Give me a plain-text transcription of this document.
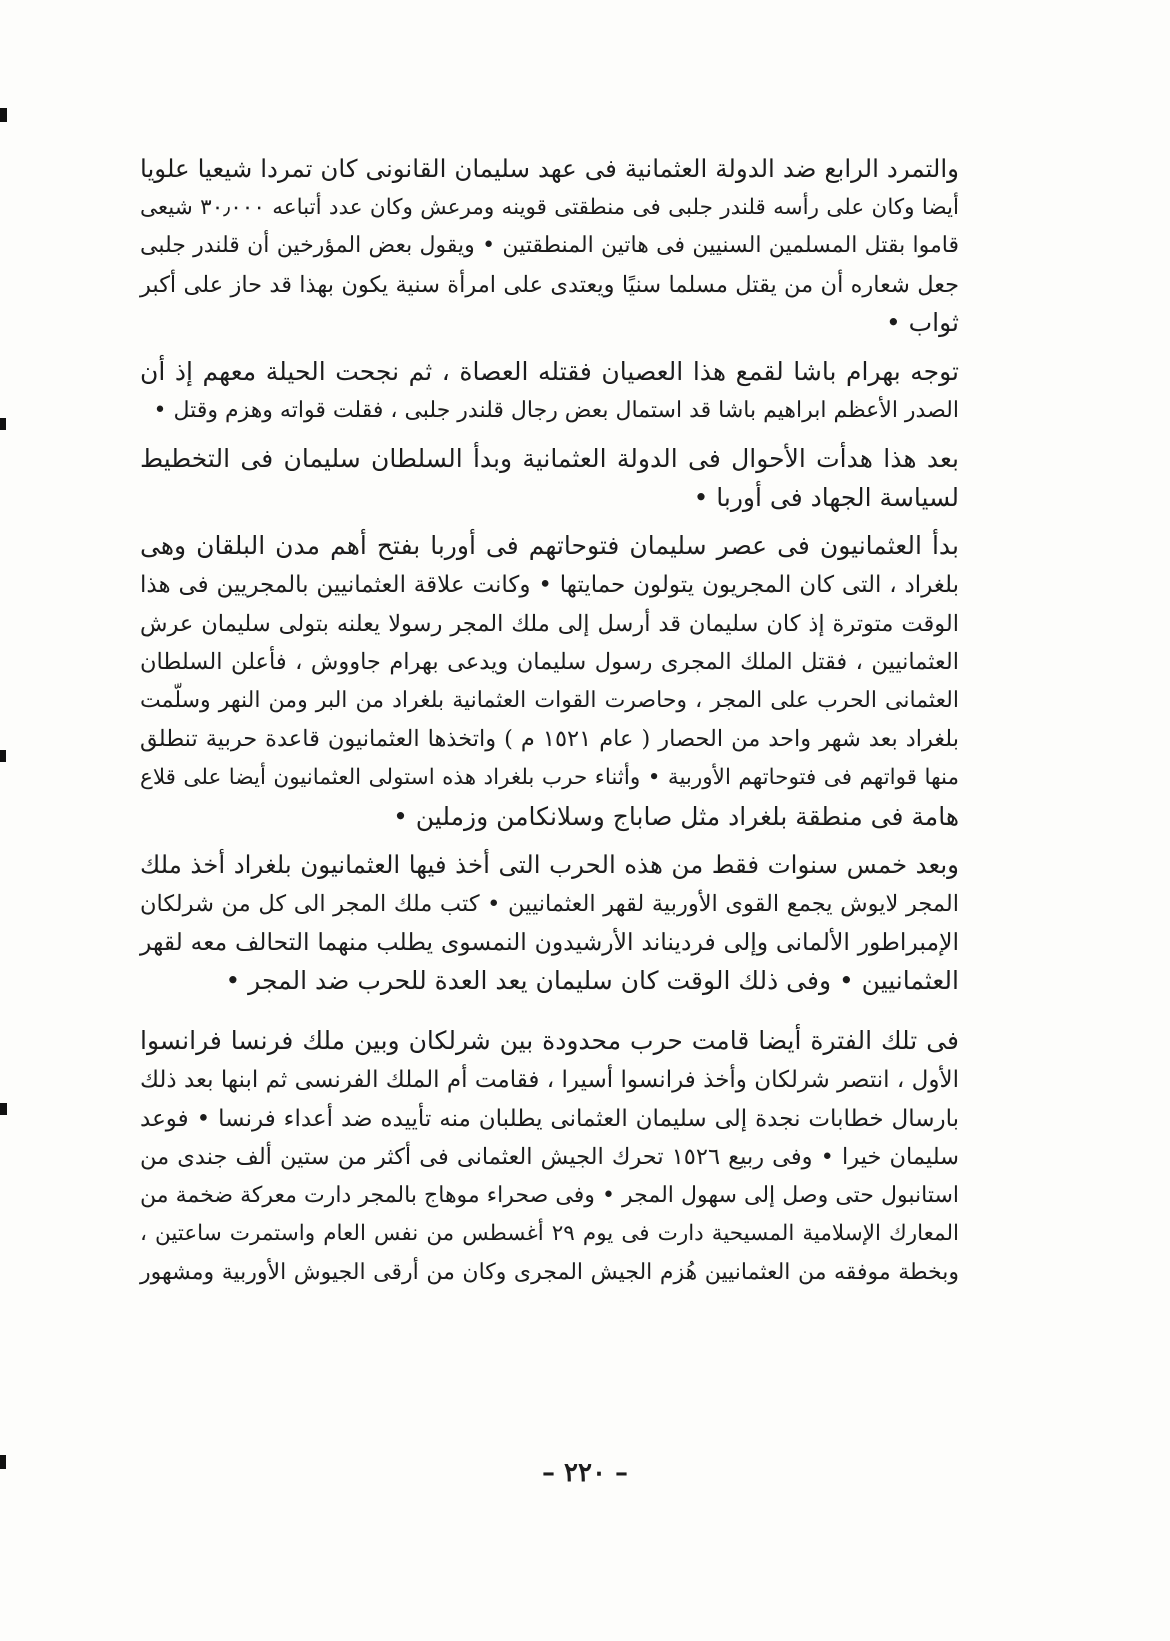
والتمرد الرابع ضد الدولة العثمانية فى عهد سليمان القانونى كان تمردا شيعيا علويا
أيضا وكان على رأسه قلندر جلبى فى منطقتى قوينه ومرعش وكان عدد أتباعه ٣٠٫٠٠٠ شيعى
قاموا بقتل المسلمين السنيين فى هاتين المنطقتين • ويقول بعض المؤرخين أن قلندر جلبى
جعل شعاره أن من يقتل مسلما سنيًا ويعتدى على امرأة سنية يكون بهذا قد حاز على أكبر
ثواب •

توجه بهرام باشا لقمع هذا العصيان فقتله العصاة ، ثم نجحت الحيلة معهم إذ أن
الصدر الأعظم ابراهيم باشا قد استمال بعض رجال قلندر جلبى ، فقلت قواته وهزم وقتل •

بعد هذا هدأت الأحوال فى الدولة العثمانية وبدأ السلطان سليمان فى التخطيط
لسياسة الجهاد فى أوربا •

بدأ العثمانيون فى عصر سليمان فتوحاتهم فى أوربا بفتح أهم مدن البلقان وهى
بلغراد ، التى كان المجريون يتولون حمايتها • وكانت علاقة العثمانيين بالمجريين فى هذا
الوقت متوترة إذ كان سليمان قد أرسل إلى ملك المجر رسولا يعلنه بتولى سليمان عرش
العثمانيين ، فقتل الملك المجرى رسول سليمان ويدعى بهرام جاووش ، فأعلن السلطان
العثمانى الحرب على المجر ، وحاصرت القوات العثمانية بلغراد من البر ومن النهر وسلّمت
بلغراد بعد شهر واحد من الحصار ( عام ١٥٢١ م ) واتخذها العثمانيون قاعدة حربية تنطلق
منها قواتهم فى فتوحاتهم الأوربية • وأثناء حرب بلغراد هذه استولى العثمانيون أيضا على قلاع
هامة فى منطقة بلغراد مثل صاباج وسلانكامن وزملين •

وبعد خمس سنوات فقط من هذه الحرب التى أخذ فيها العثمانيون بلغراد أخذ ملك
المجر لايوش يجمع القوى الأوربية لقهر العثمانيين • كتب ملك المجر الى كل من شرلكان
الإمبراطور الألمانى وإلى فرديناند الأرشيدون النمسوى يطلب منهما التحالف معه لقهر
العثمانيين • وفى ذلك الوقت كان سليمان يعد العدة للحرب ضد المجر •

فى تلك الفترة أيضا قامت حرب محدودة بين شرلكان وبين ملك فرنسا فرانسوا
الأول ، انتصر شرلكان وأخذ فرانسوا أسيرا ، فقامت أم الملك الفرنسى ثم ابنها بعد ذلك
بارسال خطابات نجدة إلى سليمان العثمانى يطلبان منه تأييده ضد أعداء فرنسا • فوعد
سليمان خيرا • وفى ربيع ١٥٢٦ تحرك الجيش العثمانى فى أكثر من ستين ألف جندى من
استانبول حتى وصل إلى سهول المجر • وفى صحراء موهاج بالمجر دارت معركة ضخمة من
المعارك الإسلامية المسيحية دارت فى يوم ٢٩ أغسطس من نفس العام واستمرت ساعتين ،
وبخطة موفقه من العثمانيين هُزم الجيش المجرى وكان من أرقى الجيوش الأوربية ومشهور

– ٢٢٠ –
